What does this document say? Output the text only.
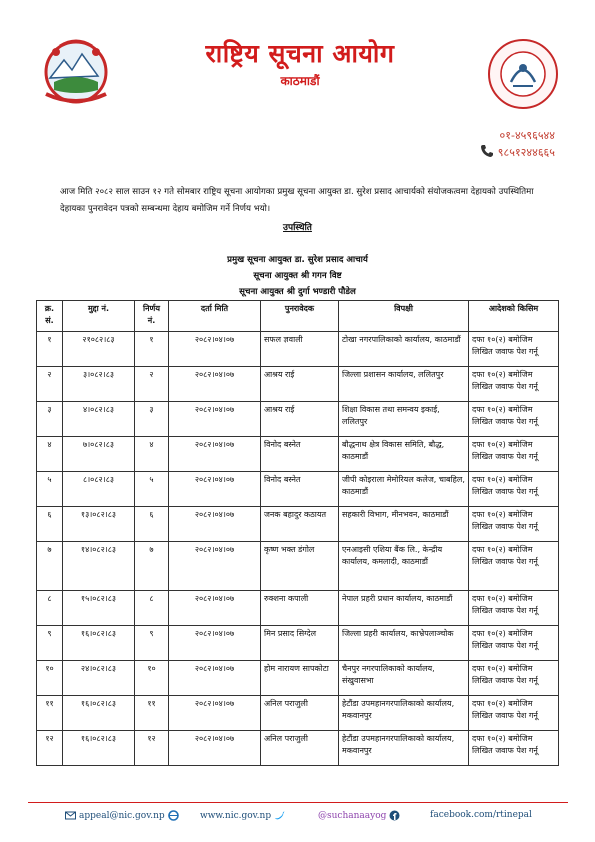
राष्ट्रिय सूचना आयोग
काठमाडौं
०१-४५९६५४४
९८५१२४४६६५
आज मिति २०८२ साल साउन १२ गते सोमबार राष्ट्रिय सूचना आयोगका प्रमुख सूचना आयुक्त डा. सुरेश प्रसाद आचार्यको संयोजकत्वमा देहायको उपस्थितिमा देहायका पुनरावेदन पत्रको सम्बन्धमा देहाय बमोजिम गर्ने निर्णय भयो।
उपस्थिति
प्रमुख सूचना आयुक्त डा. सुरेश प्रसाद आचार्य
सूचना आयुक्त श्री गगन विष्ट
सूचना आयुक्त श्री दुर्गा भण्डारी पौडेल
क्र. सं.	मुद्दा नं.	निर्णय नं.	दर्ता मिति	पुनरावेदक	विपक्षी	आदेशको किसिम
१	२१०८२।८३	१	२०८२।०४।०७	सफल ज्ञवाली	टोखा नगरपालिकाको कार्यालय, काठमाडौं	दफा १०(२) बमोजिम लिखित जवाफ पेश गर्नू
२	३।०८२।८३	२	२०८२।०४।०७	आश्रय राई	जिल्ला प्रशासन कार्यालय, ललितपुर	दफा १०(२) बमोजिम लिखित जवाफ पेश गर्नू
३	४।०८२।८३	३	२०८२।०४।०७	आश्रय राई	शिक्षा विकास तथा समन्वय इकाई, ललितपुर	दफा १०(२) बमोजिम लिखित जवाफ पेश गर्नू
४	७।०८२।८३	४	२०८२।०४।०७	विनोद बस्नेत	बौद्धनाथ क्षेत्र विकास समिति, बौद्ध, काठमाडौं	दफा १०(२) बमोजिम लिखित जवाफ पेश गर्नू
५	८।०८२।८३	५	२०८२।०४।०७	विनोद बस्नेत	जीपी कोइराला मेमोरियल कलेज, चाबहिल, काठमाडौं	दफा १०(२) बमोजिम लिखित जवाफ पेश गर्नू
६	१३।०८२।८३	६	२०८२।०४।०७	जनक बहादुर कठायत	सहकारी विभाग, मीनभवन, काठमाडौं	दफा १०(२) बमोजिम लिखित जवाफ पेश गर्नू
७	१४।०८२।८३	७	२०८२।०४।०७	कृष्ण भक्त डंगोल	एनआइसी एशिया बैंक लि., केन्द्रीय कार्यालय, कमलादी, काठमाडौं	दफा १०(२) बमोजिम लिखित जवाफ पेश गर्नू
८	१५।०८२।८३	८	२०८२।०४।०७	रुक्शना कपाली	नेपाल प्रहरी प्रधान कार्यालय, काठमाडौं	दफा १०(२) बमोजिम लिखित जवाफ पेश गर्नू
९	१६।०८२।८३	९	२०८२।०४।०७	मिन प्रसाद सिग्देल	जिल्ला प्रहरी कार्यालय, काभ्रेपलाञ्चोक	दफा १०(२) बमोजिम लिखित जवाफ पेश गर्नू
१०	२४।०८२।८३	१०	२०८२।०४।०७	होम नारायण सापकोटा	चैनपुर नगरपालिकाको कार्यालय, संखुवासभा	दफा १०(२) बमोजिम लिखित जवाफ पेश गर्नू
११	१६।०८२।८३	११	२०८२।०४।०७	अनिल पराजुली	हेटौंडा उपमहानगरपालिकाको कार्यालय, मकवानपुर	दफा १०(२) बमोजिम लिखित जवाफ पेश गर्नू
१२	१६।०८२।८३	१२	२०८२।०४।०७	अनिल पराजुली	हेटौंडा उपमहानगरपालिकाको कार्यालय, मकवानपुर	दफा १०(२) बमोजिम लिखित जवाफ पेश गर्नू
appeal@nic.gov.np	www.nic.gov.np	@suchanaayog	facebook.com/rtinepal
